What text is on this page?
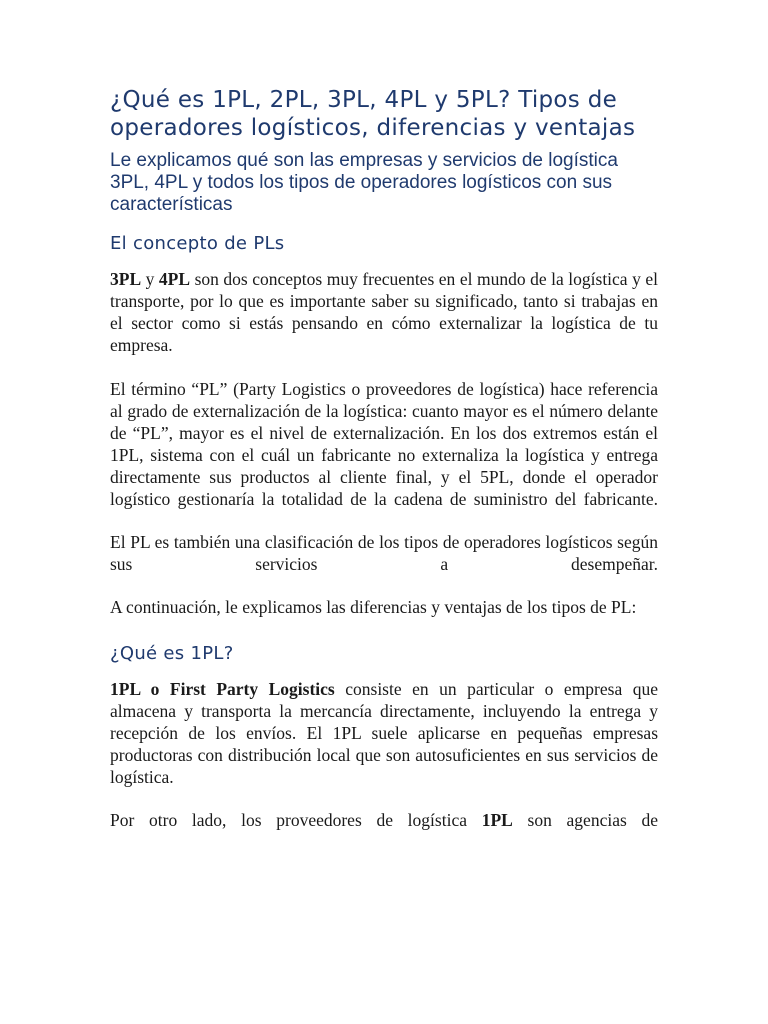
¿Qué es 1PL, 2PL, 3PL, 4PL y 5PL? Tipos de operadores logísticos, diferencias y ventajas

Le explicamos qué son las empresas y servicios de logística 3PL, 4PL y todos los tipos de operadores logísticos con sus características

El concepto de PLs

3PL y 4PL son dos conceptos muy frecuentes en el mundo de la logística y el transporte, por lo que es importante saber su significado, tanto si trabajas en el sector como si estás pensando en cómo externalizar la logística de tu empresa.

El término “PL” (Party Logistics o proveedores de logística) hace referencia al grado de externalización de la logística: cuanto mayor es el número delante de “PL”, mayor es el nivel de externalización. En los dos extremos están el 1PL, sistema con el cuál un fabricante no externaliza la logística y entrega directamente sus productos al cliente final, y el 5PL, donde el operador logístico gestionaría la totalidad de la cadena de suministro del fabricante.

El PL es también una clasificación de los tipos de operadores logísticos según sus servicios a desempeñar.

A continuación, le explicamos las diferencias y ventajas de los tipos de PL:

¿Qué es 1PL?

1PL o First Party Logistics consiste en un particular o empresa que almacena y transporta la mercancía directamente, incluyendo la entrega y recepción de los envíos. El 1PL suele aplicarse en pequeñas empresas productoras con distribución local que son autosuficientes en sus servicios de logística.

Por otro lado, los proveedores de logística 1PL son agencias de
